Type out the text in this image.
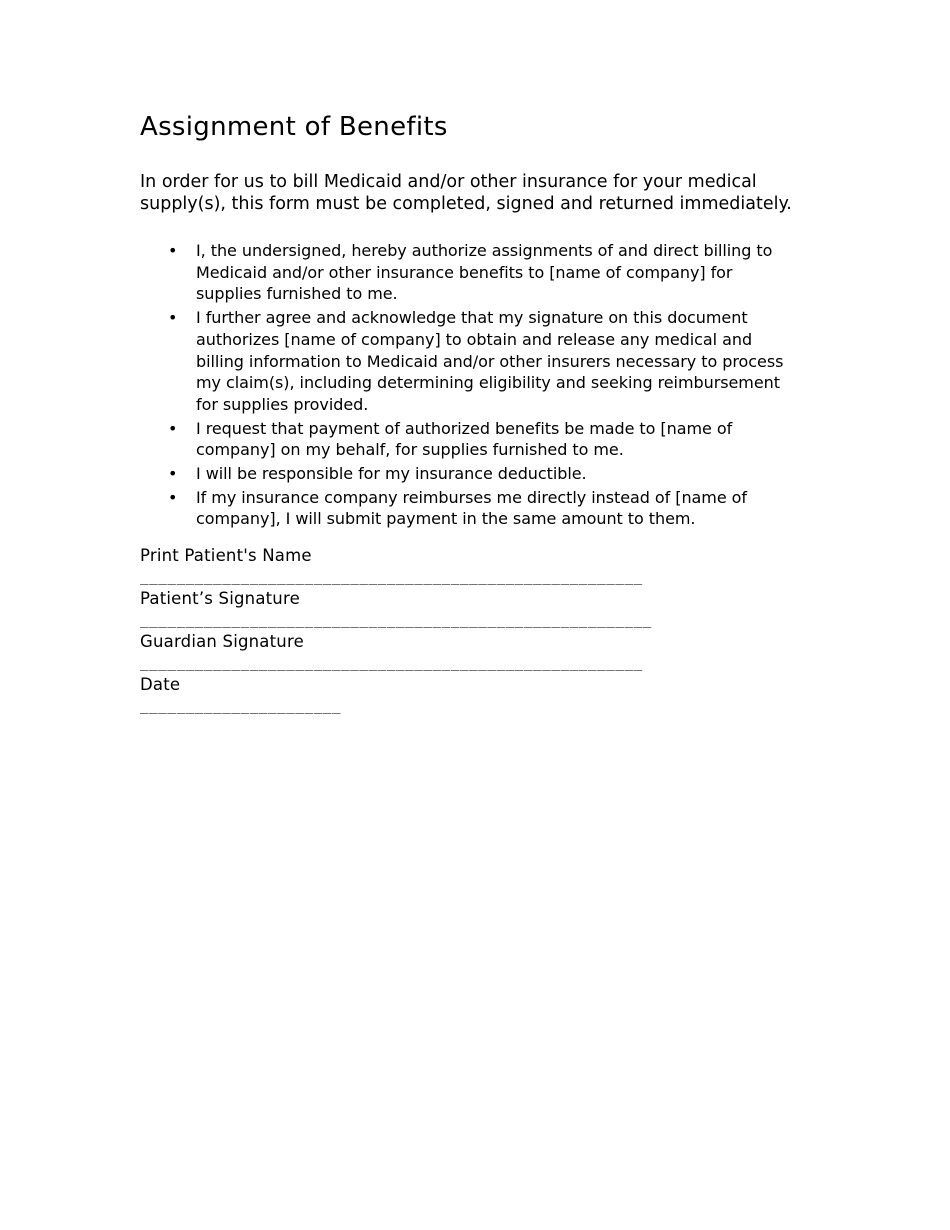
Assignment of Benefits

In order for us to bill Medicaid and/or other insurance for your medical
supply(s), this form must be completed, signed and returned immediately.

• I, the undersigned, hereby authorize assignments of and direct billing to
Medicaid and/or other insurance benefits to [name of company] for
supplies furnished to me.
• I further agree and acknowledge that my signature on this document
authorizes [name of company] to obtain and release any medical and
billing information to Medicaid and/or other insurers necessary to process
my claim(s), including determining eligibility and seeking reimbursement
for supplies provided.
• I request that payment of authorized benefits be made to [name of
company] on my behalf, for supplies furnished to me.
• I will be responsible for my insurance deductible.
• If my insurance company reimburses me directly instead of [name of
company], I will submit payment in the same amount to them.
Print Patient's Name
_______________________________________________________
Patient’s Signature
________________________________________________________
Guardian Signature
_______________________________________________________
Date
______________________
